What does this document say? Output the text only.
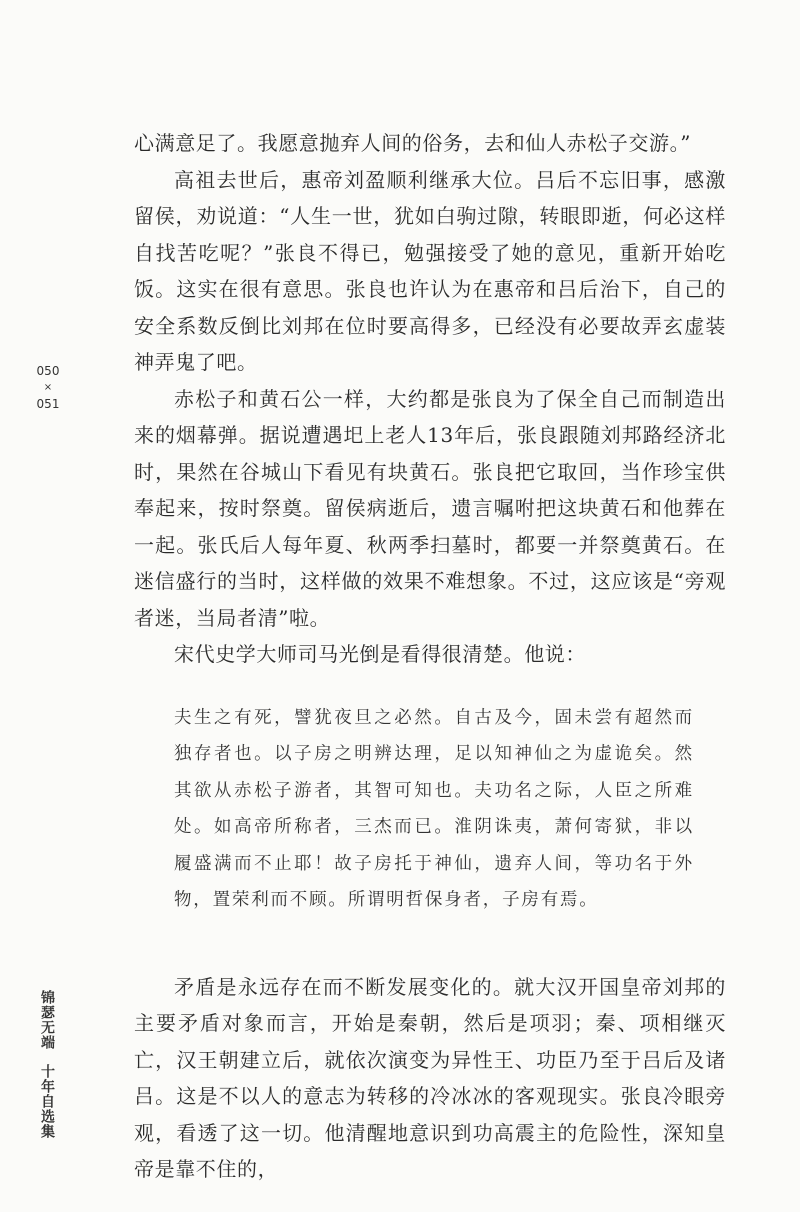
050
×
051
锦瑟无端十年自选集

心满意足了。我愿意抛弃人间的俗务，去和仙人赤松子交游。”

高祖去世后，惠帝刘盈顺利继承大位。吕后不忘旧事，感激留侯，劝说道：“人生一世，犹如白驹过隙，转眼即逝，何必这样自找苦吃呢？”张良不得已，勉强接受了她的意见，重新开始吃饭。这实在很有意思。张良也许认为在惠帝和吕后治下，自己的安全系数反倒比刘邦在位时要高得多，已经没有必要故弄玄虚装神弄鬼了吧。

赤松子和黄石公一样，大约都是张良为了保全自己而制造出来的烟幕弹。据说遭遇圯上老人13年后，张良跟随刘邦路经济北时，果然在谷城山下看见有块黄石。张良把它取回，当作珍宝供奉起来，按时祭奠。留侯病逝后，遗言嘱咐把这块黄石和他葬在一起。张氏后人每年夏、秋两季扫墓时，都要一并祭奠黄石。在迷信盛行的当时，这样做的效果不难想象。不过，这应该是“旁观者迷，当局者清”啦。

宋代史学大师司马光倒是看得很清楚。他说：

夫生之有死，譬犹夜旦之必然。自古及今，固未尝有超然而独存者也。以子房之明辨达理，足以知神仙之为虚诡矣。然其欲从赤松子游者，其智可知也。夫功名之际，人臣之所难处。如高帝所称者，三杰而已。淮阴诛夷，萧何寄狱，非以履盛满而不止耶！故子房托于神仙，遗弃人间，等功名于外物，置荣利而不顾。所谓明哲保身者，子房有焉。

矛盾是永远存在而不断发展变化的。就大汉开国皇帝刘邦的主要矛盾对象而言，开始是秦朝，然后是项羽；秦、项相继灭亡，汉王朝建立后，就依次演变为异性王、功臣乃至于吕后及诸吕。这是不以人的意志为转移的冷冰冰的客观现实。张良冷眼旁观，看透了这一切。他清醒地意识到功高震主的危险性，深知皇帝是靠不住的，
